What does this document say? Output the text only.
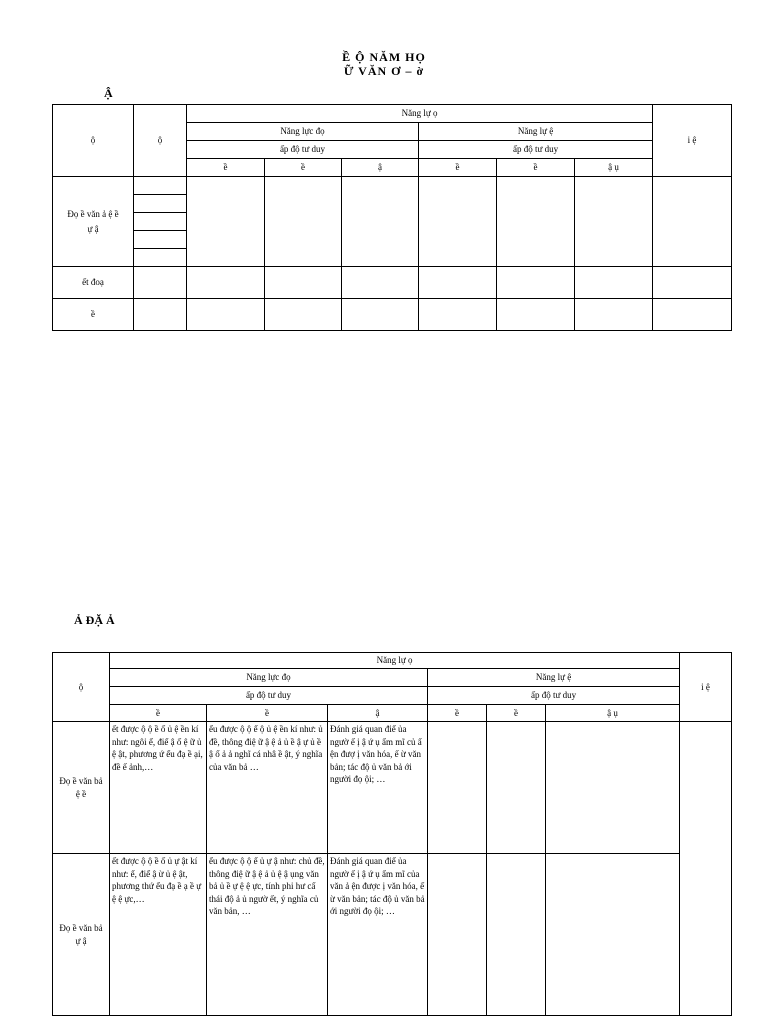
Ề Ộ NĂM HỌ
Ữ VĂN Ơ – ờ
Ậ
ộ	ộ	Năng lự ọ						i ệ
		Năng lực đọ			Năng lự ệ			
		ấp độ tư duy			ấp độ tư duy			
		ề	ề	ậ	ề	ề	ậ ụ	
Đọ ề văn ả ệ ề ự ậ								

ết đoạ								
ề								
Ả ĐẶ Ả
ộ	Năng lự ọ						i ệ
	Năng lực đọ			Năng lự ệ			
	ấp độ tư duy			ấp độ tư duy			
	ề	ề	ậ	ề	ề	ậ ụ	
Đọ ề văn bả ệ ề	ết được ộ ộ ề ố ủ ệ ền kí như: ngôi ể, điể ậ ố ệ ữ ủ ệ ật, phương ứ ểu đạ ề ại, đề ế ảnh,…	ểu được ộ ộ ể ộ ủ ệ ền kí như: ủ đề, thông điệ ữ ậ ệ ả ủ ề ậ ự ủ ề ậ ố ả ả nghĩ cá nhâ ề ật, ý nghĩa của văn bả …	Đánh giá quan điể ủa ngườ ế ị ậ ứ ụ ẩm mĩ củ ẩ ện đượ ị văn hóa, ế ừ văn bản; tác độ ủ văn bả ới người đọ ội; …				
Đọ ề văn bả ự ậ	ết được ộ ộ ề ố ủ ự ật kí như: ể, điể ậ ừ ủ ệ ật, phương thứ ểu đạ ề ạ ề ự ệ ệ ực,…	ểu được ộ ộ ể ủ ự ậ như: chủ đề, thông điệ ữ ậ ệ ả ủ ệ ậ ụng văn bả ủ ề ự ệ ệ ực, tính phi hư cấ thái độ ả ủ ngườ ết, ý nghĩa củ văn bản, …	Đánh giá quan điể ủa ngườ ế ị ậ ứ ụ ẩm mĩ của văn ả ện được ị văn hóa, ế ừ văn bản; tác độ ủ văn bả ới người đọ ội; …				
